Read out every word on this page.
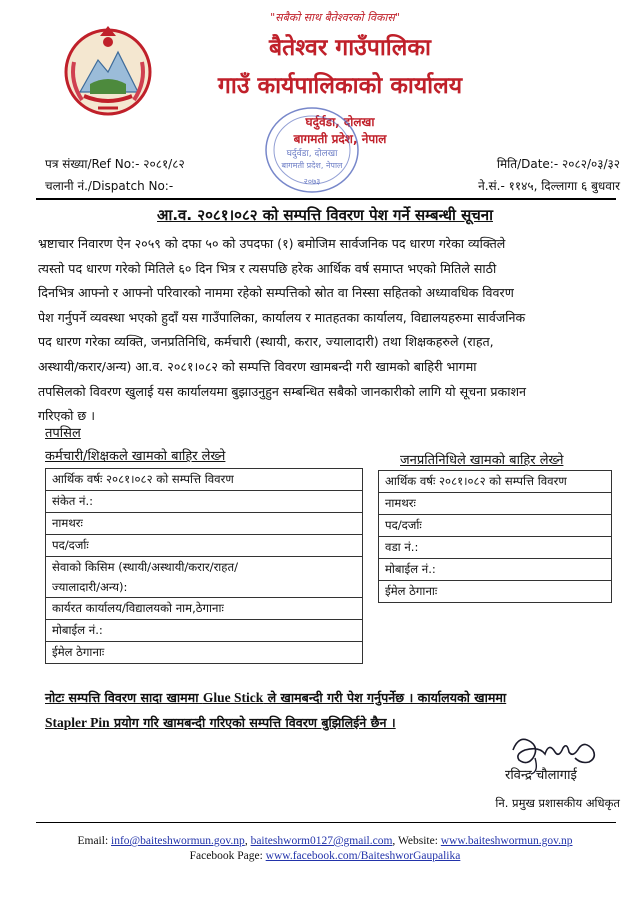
"सबैको साथ बैतेश्वरको विकास"
बैतेश्वर गाउँपालिका
गाउँ कार्यपालिकाको कार्यालय
घर्दुर्वडा, दोलखा
बागमती प्रदेश, नेपाल
घर्दुर्वडा, दोलखा
बागमती प्रदेश, नेपाल
२०७३
पत्र संख्या/Ref No:- २०८१/८२
चलानी नं./Dispatch No:-
मिति/Date:- २०८२/०३/३२
ने.सं.- ११४५, दिल्लागा ६ बुधवार
आ.व. २०८१।०८२ को सम्पत्ति विवरण पेश गर्ने सम्बन्धी सूचना
भ्रष्टाचार निवारण ऐन २०५९ को दफा ५० को उपदफा (१) बमोजिम सार्वजनिक पद धारण गरेका व्यक्तिले
त्यस्तो पद धारण गरेको मितिले ६० दिन भित्र र त्यसपछि हरेक आर्थिक वर्ष समाप्त भएको मितिले साठी
दिनभित्र आफ्नो र आफ्नो परिवारको नाममा रहेको सम्पत्तिको स्रोत वा निस्सा सहितको अध्यावधिक विवरण
पेश गर्नुपर्ने व्यवस्था भएको हुदाँ यस गाउँपालिका, कार्यालय र मातहतका कार्यालय, विद्यालयहरुमा सार्वजनिक
पद धारण गरेका व्यक्ति, जनप्रतिनिधि, कर्मचारी (स्थायी, करार, ज्यालादारी) तथा शिक्षकहरुले (राहत,
अस्थायी/करार/अन्य) आ.व. २०८१।०८२ को सम्पत्ति विवरण खामबन्दी गरी खामको बाहिरी भागमा
तपसिलको विवरण खुलाई यस कार्यालयमा बुझाउनुहुन सम्बन्धित सबैको जानकारीको लागि यो सूचना प्रकाशन
गरिएको छ ।
तपसिल
कर्मचारी/शिक्षकले खामको बाहिर लेख्ने
आर्थिक वर्षः २०८१।०८२ को सम्पत्ति विवरण
संकेत नं.:
नामथरः
पद/दर्जाः

सेवाको किसिम (स्थायी/अस्थायी/करार/राहत/
ज्यालादारी/अन्य):

कार्यरत कार्यालय/विद्यालयको नाम,ठेगानाः
मोबाईल नं.:
ईमेल ठेगानाः
जनप्रतिनिधिले खामको बाहिर लेख्ने
आर्थिक वर्षः २०८१।०८२ को सम्पत्ति विवरण
नामथरः
पद/दर्जाः
वडा नं.:
मोबाईल नं.:
ईमेल ठेगानाः
नोटः सम्पत्ति विवरण सादा खाममा Glue Stick ले खामबन्दी गरी पेश गर्नुपर्नेछ । कार्यालयको खाममा
Stapler Pin प्रयोग गरि खामबन्दी गरिएको सम्पत्ति विवरण बुझिलिईने छैन ।
रविन्द्र चौलागाई
नि. प्रमुख प्रशासकीय अधिकृत
Email: info@baiteshwormun.gov.np, baiteshworm0127@gmail.com, Website: www.baiteshwormun.gov.np
Facebook Page: www.facebook.com/BaiteshworGaupalika
